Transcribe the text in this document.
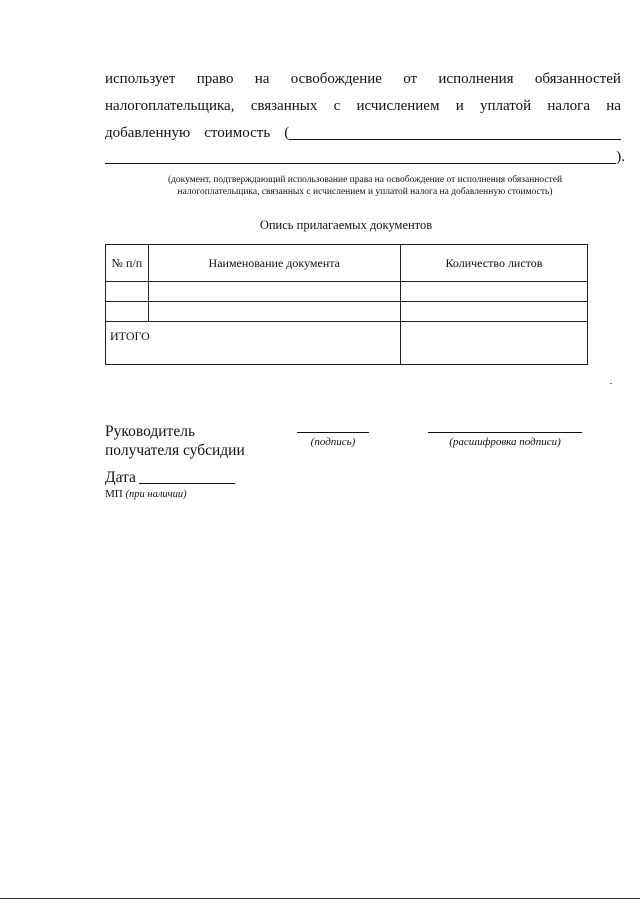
использует право на освобождение от исполнения обязанностей
налогоплательщика, связанных с исчислением и уплатой налога на
добавленную стоимость (
).
(документ, подтверждающий использование права на освобождение от исполнения обязанностей налогоплательщика, связанных с исчислением и уплатой налога на добавленную стоимость)
Опись прилагаемых документов
№ п/п	Наименование документа	Количество листов

ИТОГО		
Руководитель
получателя субсидии	(подпись)	(расшифровка подписи)
Дата
МП (при наличии)
